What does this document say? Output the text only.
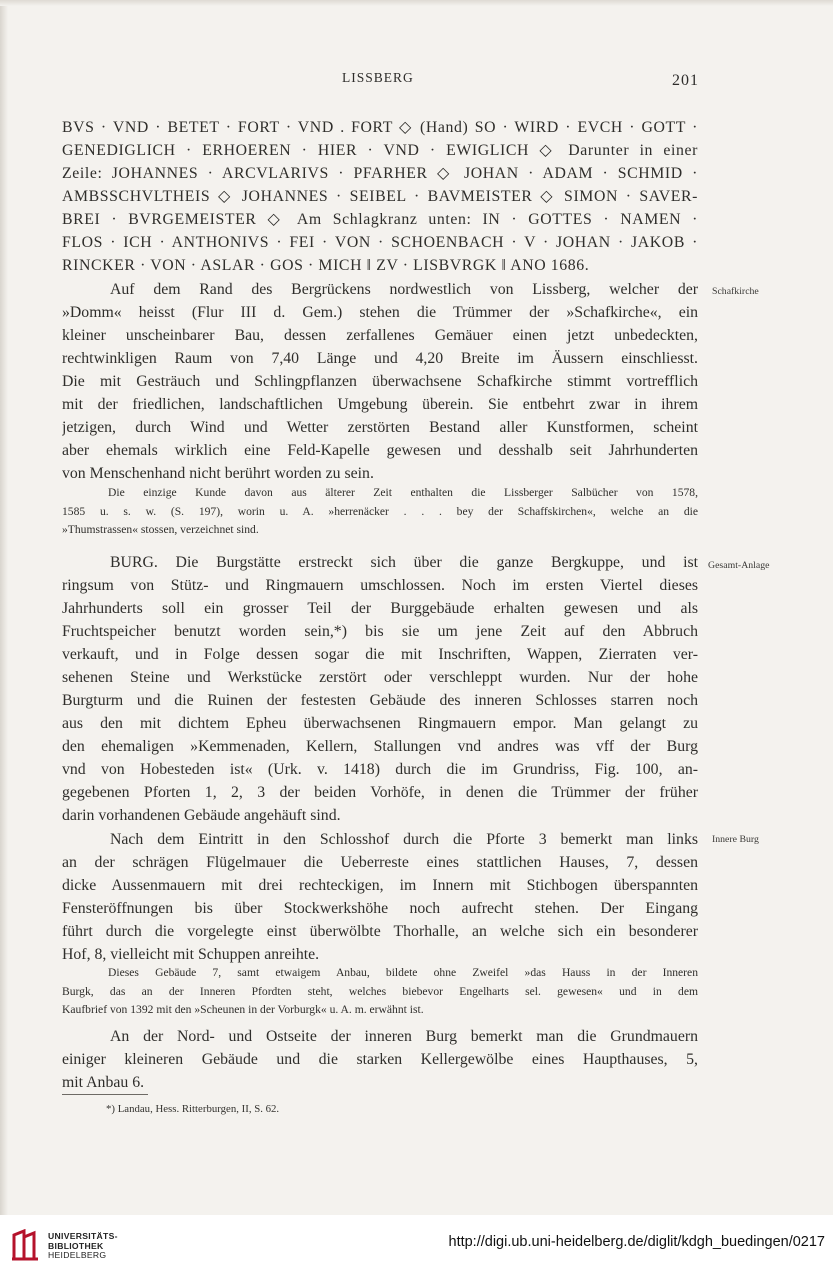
LISSBERG	201
BVS · VND · BETET · FORT · VND . FORT ◇ (Hand) SO · WIRD · EVCH · GOTT ·
GENEDIGLICH · ERHOEREN · HIER · VND · EWIGLICH ◇ Darunter in einer
Zeile: JOHANNES · ARCVLARIVS · PFARHER ◇ JOHAN · ADAM · SCHMID ·
AMBSSCHVLTHEIS ◇ JOHANNES · SEIBEL · BAVMEISTER ◇ SIMON · SAVER-
BREI · BVRGEMEISTER ◇ Am Schlagkranz unten: IN · GOTTES · NAMEN ·
FLOS · ICH · ANTHONIVS · FEI · VON · SCHOENBACH · V · JOHAN · JAKOB ·
RINCKER · VON · ASLAR · GOS · MICH ‖ ZV · LISBVRGK ‖ ANO 1686.
Auf dem Rand des Bergrückens nordwestlich von Lissberg, welcher der
»Domm« heisst (Flur III d. Gem.) stehen die Trümmer der »Schafkirche«, ein
kleiner unscheinbarer Bau, dessen zerfallenes Gemäuer einen jetzt unbedeckten,
rechtwinkligen Raum von 7,40 Länge und 4,20 Breite im Äussern einschliesst.
Die mit Gesträuch und Schlingpflanzen überwachsene Schafkirche stimmt vortrefflich
mit der friedlichen, landschaftlichen Umgebung überein. Sie entbehrt zwar in ihrem
jetzigen, durch Wind und Wetter zerstörten Bestand aller Kunstformen, scheint
aber ehemals wirklich eine Feld-Kapelle gewesen und desshalb seit Jahrhunderten
von Menschenhand nicht berührt worden zu sein.
Schafkirche
Die einzige Kunde davon aus älterer Zeit enthalten die Lissberger Salbücher von 1578,
1585 u. s. w. (S. 197), worin u. A. »herrenäcker . . . bey der Schaffskirchen«, welche an die
»Thumstrassen« stossen, verzeichnet sind.
BURG. Die Burgstätte erstreckt sich über die ganze Bergkuppe, und ist
ringsum von Stütz- und Ringmauern umschlossen. Noch im ersten Viertel dieses
Jahrhunderts soll ein grosser Teil der Burggebäude erhalten gewesen und als
Fruchtspeicher benutzt worden sein,*) bis sie um jene Zeit auf den Abbruch
verkauft, und in Folge dessen sogar die mit Inschriften, Wappen, Zierraten ver-
sehenen Steine und Werkstücke zerstört oder verschleppt wurden. Nur der hohe
Burgturm und die Ruinen der festesten Gebäude des inneren Schlosses starren noch
aus den mit dichtem Epheu überwachsenen Ringmauern empor. Man gelangt zu
den ehemaligen »Kemmenaden, Kellern, Stallungen vnd andres was vff der Burg
vnd von Hobesteden ist« (Urk. v. 1418) durch die im Grundriss, Fig. 100, an-
gegebenen Pforten 1, 2, 3 der beiden Vorhöfe, in denen die Trümmer der früher
darin vorhandenen Gebäude angehäuft sind.
Gesamt-Anlage
Nach dem Eintritt in den Schlosshof durch die Pforte 3 bemerkt man links
an der schrägen Flügelmauer die Ueberreste eines stattlichen Hauses, 7, dessen
dicke Aussenmauern mit drei rechteckigen, im Innern mit Stichbogen überspannten
Fensteröffnungen bis über Stockwerkshöhe noch aufrecht stehen. Der Eingang
führt durch die vorgelegte einst überwölbte Thorhalle, an welche sich ein besonderer
Hof, 8, vielleicht mit Schuppen anreihte.
Innere Burg
Dieses Gebäude 7, samt etwaigem Anbau, bildete ohne Zweifel »das Hauss in der Inneren
Burgk, das an der Inneren Pfordten steht, welches biebevor Engelharts sel. gewesen« und in dem
Kaufbrief von 1392 mit den »Scheunen in der Vorburgk« u. A. m. erwähnt ist.
An der Nord- und Ostseite der inneren Burg bemerkt man die Grundmauern
einiger kleineren Gebäude und die starken Kellergewölbe eines Haupthauses, 5,
mit Anbau 6.
*) Landau, Hess. Ritterburgen, II, S. 62.
UNIVERSITÄTS-
BIBLIOTHEK
HEIDELBERG
http://digi.ub.uni-heidelberg.de/diglit/kdgh_buedingen/0217
